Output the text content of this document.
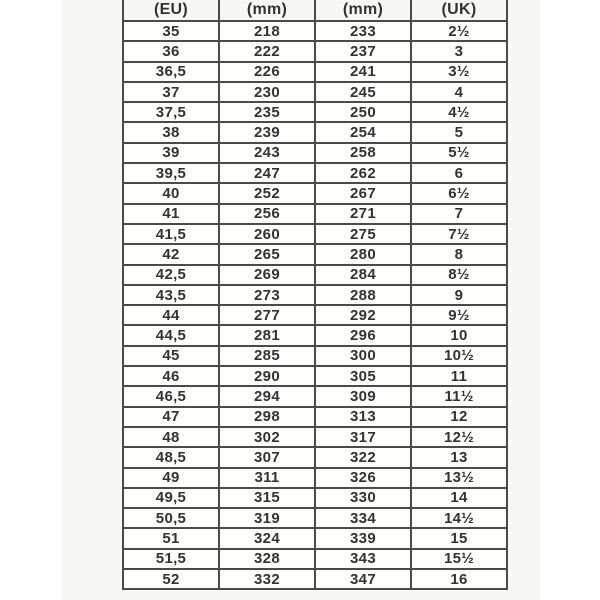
(EU)	(mm)	(mm)	(UK)
35	218	233	2½
36	222	237	3
36,5	226	241	3½
37	230	245	4
37,5	235	250	4½
38	239	254	5
39	243	258	5½
39,5	247	262	6
40	252	267	6½
41	256	271	7
41,5	260	275	7½
42	265	280	8
42,5	269	284	8½
43,5	273	288	9
44	277	292	9½
44,5	281	296	10
45	285	300	10½
46	290	305	11
46,5	294	309	11½
47	298	313	12
48	302	317	12½
48,5	307	322	13
49	311	326	13½
49,5	315	330	14
50,5	319	334	14½
51	324	339	15
51,5	328	343	15½
52	332	347	16
